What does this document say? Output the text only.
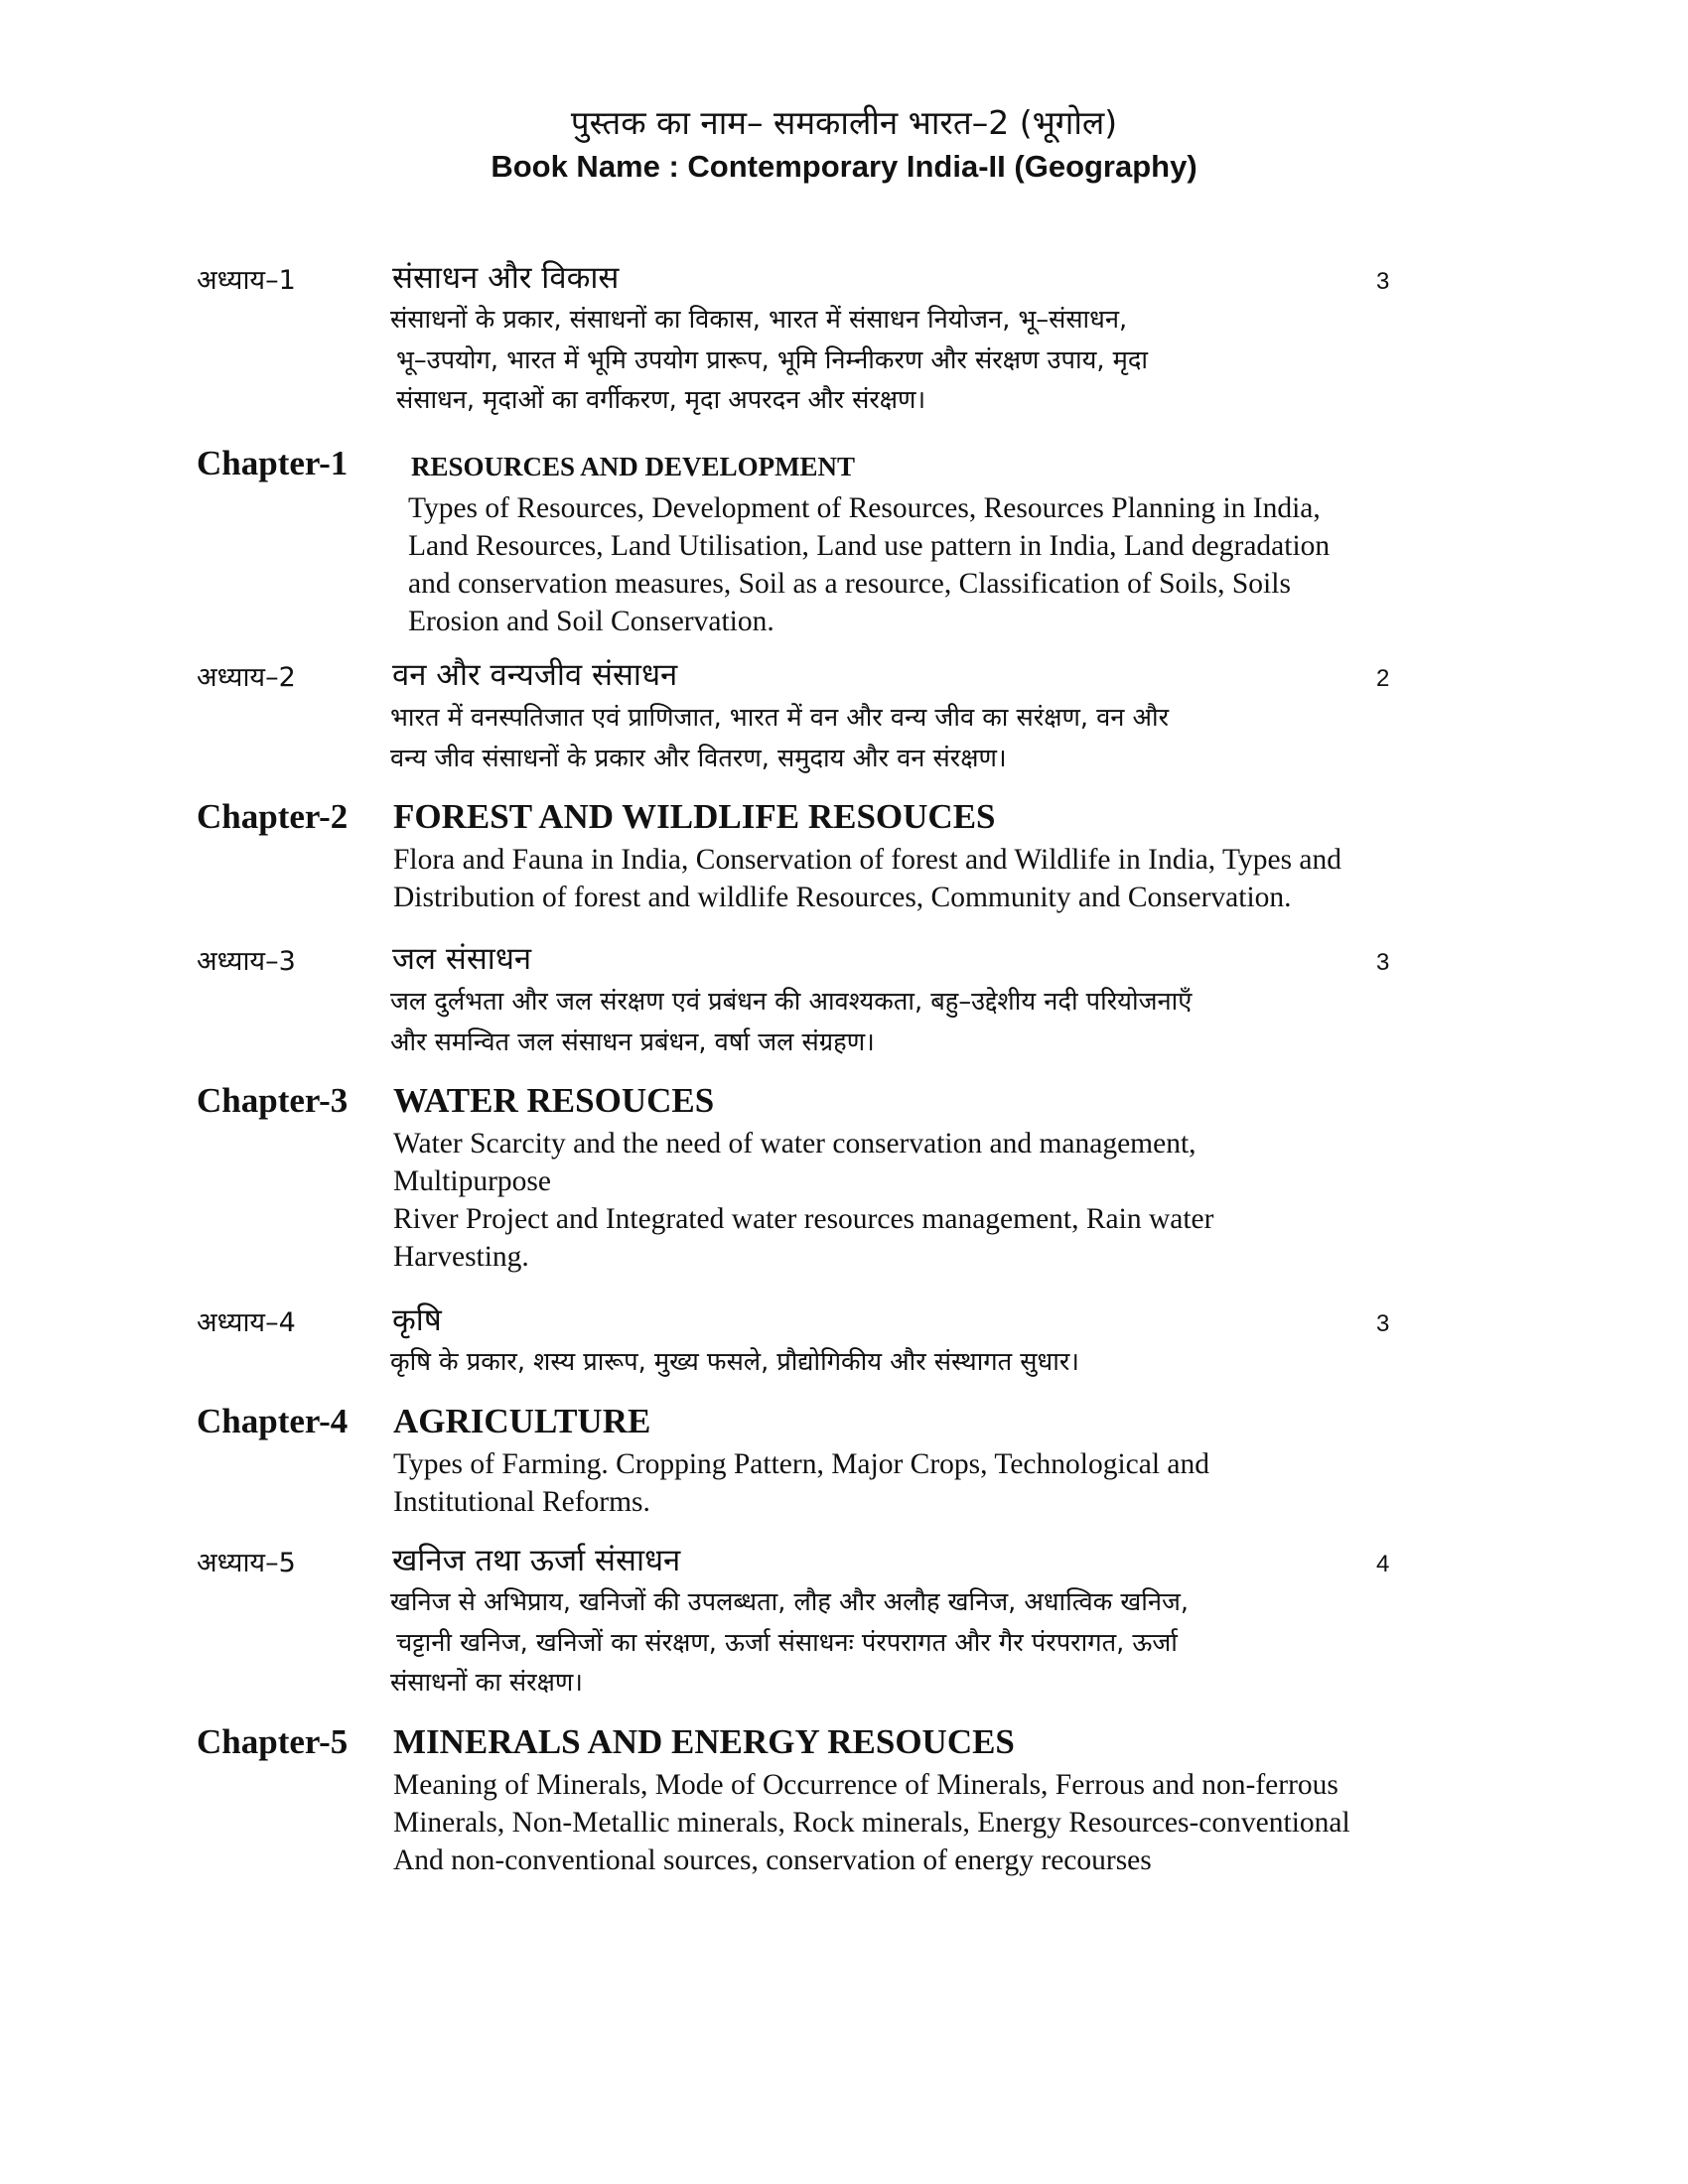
पुस्तक का नाम– समकालीन भारत–2 (भूगोल)
Book Name : Contemporary India-II (Geography)
अध्याय–1	संसाधन और विकास	3
संसाधनों के प्रकार, संसाधनों का विकास, भारत में संसाधन नियोजन, भू–संसाधन,
भू–उपयोग, भारत में भूमि उपयोग प्रारूप, भूमि निम्नीकरण और संरक्षण उपाय, मृदा
संसाधन, मृदाओं का वर्गीकरण, मृदा अपरदन और संरक्षण।
Chapter-1 RESOURCES AND DEVELOPMENT
Types of Resources, Development of Resources, Resources Planning in India,
Land Resources, Land Utilisation, Land use pattern in India, Land degradation
and conservation measures, Soil as a resource, Classification of Soils, Soils
Erosion and Soil Conservation.
अध्याय–2	वन और वन्यजीव संसाधन	2
भारत में वनस्पतिजात एवं प्राणिजात, भारत में वन और वन्य जीव का सरंक्षण, वन और
वन्य जीव संसाधनों के प्रकार और वितरण, समुदाय और वन संरक्षण।
Chapter-2 FOREST AND WILDLIFE RESOUCES
Flora and Fauna in India, Conservation of forest and Wildlife in India, Types and
Distribution of forest and wildlife Resources, Community and Conservation.
अध्याय–3	जल संसाधन	3
जल दुर्लभता और जल संरक्षण एवं प्रबंधन की आवश्यकता, बहु–उद्देशीय नदी परियोजनाएँ
और समन्वित जल संसाधन प्रबंधन, वर्षा जल संग्रहण।
Chapter-3 WATER RESOUCES
Water Scarcity and the need of water conservation and management,
Multipurpose
River Project and Integrated water resources management, Rain water
Harvesting.
अध्याय–4	कृषि	3
कृषि के प्रकार, शस्य प्रारूप, मुख्य फसले, प्रौद्योगिकीय और संस्थागत सुधार।
Chapter-4 AGRICULTURE
Types of Farming. Cropping Pattern, Major Crops, Technological and
Institutional Reforms.
अध्याय–5	खनिज तथा ऊर्जा संसाधन	4
खनिज से अभिप्राय, खनिजों की उपलब्धता, लौह और अलौह खनिज, अधात्विक खनिज,
चट्टानी खनिज, खनिजों का संरक्षण, ऊर्जा संसाधनः पंरपरागत और गैर पंरपरागत, ऊर्जा
संसाधनों का संरक्षण।
Chapter-5 MINERALS AND ENERGY RESOUCES
Meaning of Minerals, Mode of Occurrence of Minerals, Ferrous and non-ferrous
Minerals, Non-Metallic minerals, Rock minerals, Energy Resources-conventional
And non-conventional sources, conservation of energy recourses
